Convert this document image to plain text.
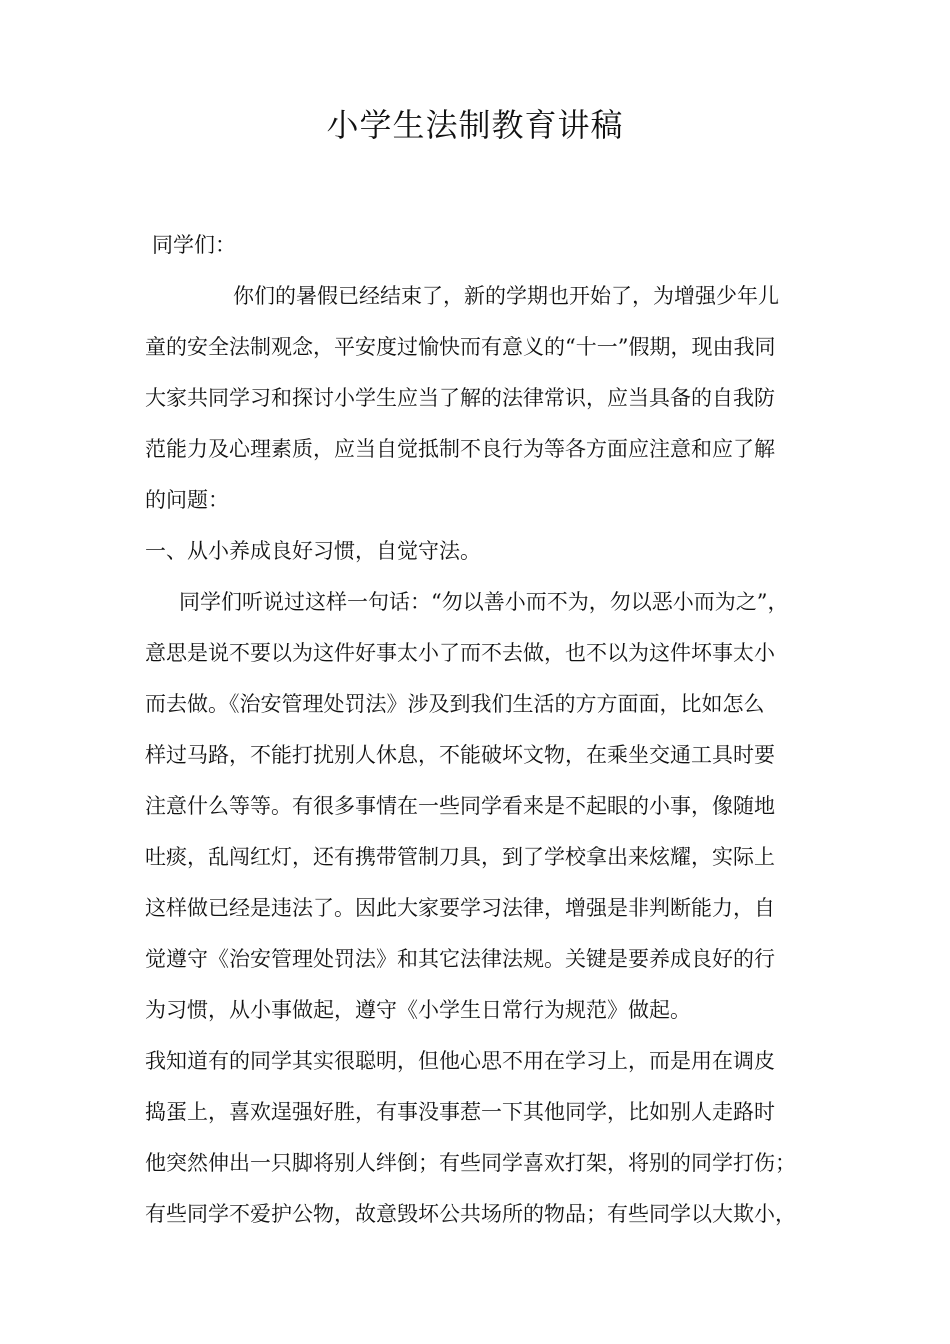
小学生法制教育讲稿
同学们：
你们的暑假已经结束了，新的学期也开始了，为增强少年儿
童的安全法制观念，平安度过愉快而有意义的“十一”假期，现由我同
大家共同学习和探讨小学生应当了解的法律常识，应当具备的自我防
范能力及心理素质，应当自觉抵制不良行为等各方面应注意和应了解
的问题：
一、从小养成良好习惯，自觉守法。
同学们听说过这样一句话：“勿以善小而不为，勿以恶小而为之”，
意思是说不要以为这件好事太小了而不去做，也不以为这件坏事太小
而去做。《治安管理处罚法》涉及到我们生活的方方面面，比如怎么
样过马路，不能打扰别人休息，不能破坏文物，在乘坐交通工具时要
注意什么等等。有很多事情在一些同学看来是不起眼的小事，像随地
吐痰，乱闯红灯，还有携带管制刀具，到了学校拿出来炫耀，实际上
这样做已经是违法了。因此大家要学习法律，增强是非判断能力，自
觉遵守《治安管理处罚法》和其它法律法规。关键是要养成良好的行
为习惯，从小事做起，遵守《小学生日常行为规范》做起。
我知道有的同学其实很聪明，但他心思不用在学习上，而是用在调皮
捣蛋上，喜欢逞强好胜，有事没事惹一下其他同学，比如别人走路时
他突然伸出一只脚将别人绊倒；有些同学喜欢打架，将别的同学打伤；
有些同学不爱护公物，故意毁坏公共场所的物品；有些同学以大欺小，
